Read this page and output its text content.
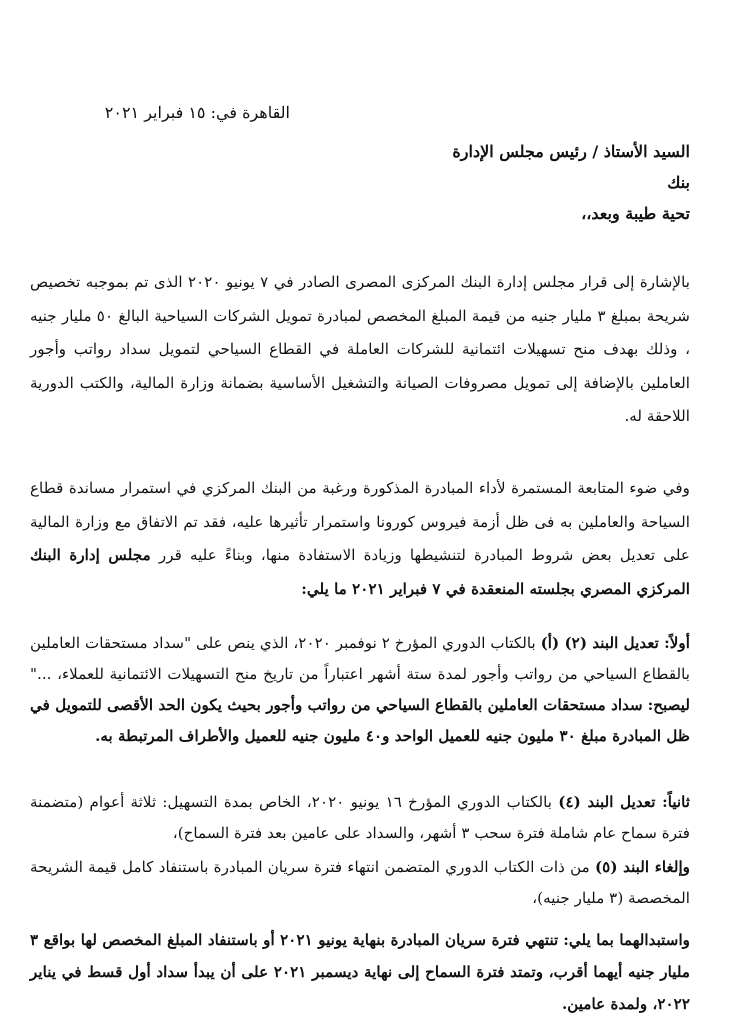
القاهرة في: ١٥ فبراير ٢٠٢١
السيد الأستاذ / رئيس مجلس الإدارة
بنك
تحية طيبة وبعد،،

بالإشارة إلى قرار مجلس إدارة البنك المركزى المصرى الصادر في ٧ يونيو ٢٠٢٠ الذى تم بموجبه تخصيص شريحة بمبلغ ٣ مليار جنيه من قيمة المبلغ المخصص لمبادرة تمويل الشركات السياحية البالغ ٥٠ مليار جنيه ، وذلك بهدف منح تسهيلات ائتمانية للشركات العاملة في القطاع السياحي لتمويل سداد رواتب وأجور العاملين بالإضافة إلى تمويل مصروفات الصيانة والتشغيل الأساسية بضمانة وزارة المالية، والكتب الدورية اللاحقة له.

وفي ضوء المتابعة المستمرة لأداء المبادرة المذكورة ورغبة من البنك المركزي في استمرار مساندة قطاع السياحة والعاملين به فى ظل أزمة فيروس كورونا واستمرار تأثيرها عليه، فقد تم الاتفاق مع وزارة المالية على تعديل بعض شروط المبادرة لتنشيطها وزيادة الاستفادة منها، وبناءً عليه قرر مجلس إدارة البنك المركزي المصري بجلسته المنعقدة في ٧ فبراير ٢٠٢١ ما يلي:

أولاً: تعديل البند (٢) (أ) بالكتاب الدوري المؤرخ ٢ نوفمبر ٢٠٢٠، الذي ينص على "سداد مستحقات العاملين بالقطاع السياحي من رواتب وأجور لمدة ستة أشهر اعتباراً من تاريخ منح التسهيلات الائتمانية للعملاء، ..." ليصبح: سداد مستحقات العاملين بالقطاع السياحي من رواتب وأجور بحيث يكون الحد الأقصى للتمويل في ظل المبادرة مبلغ ٣٠ مليون جنيه للعميل الواحد و٤٠ مليون جنيه للعميل والأطراف المرتبطة به.

ثانياً: تعديل البند (٤) بالكتاب الدوري المؤرخ ١٦ يونيو ٢٠٢٠، الخاص بمدة التسهيل: ثلاثة أعوام (متضمنة فترة سماح عام شاملة فترة سحب ٣ أشهر، والسداد على عامين بعد فترة السماح)،

وإلغاء البند (٥) من ذات الكتاب الدوري المتضمن انتهاء فترة سريان المبادرة باستنفاد كامل قيمة الشريحة المخصصة (٣ مليار جنيه)،

واستبدالهما بما يلي: تنتهي فترة سريان المبادرة بنهاية يونيو ٢٠٢١ أو باستنفاد المبلغ المخصص لها بواقع ٣ مليار جنيه أيهما أقرب، وتمتد فترة السماح إلى نهاية ديسمبر ٢٠٢١ على أن يبدأ سداد أول قسط في يناير ٢٠٢٢، ولمدة عامين.
